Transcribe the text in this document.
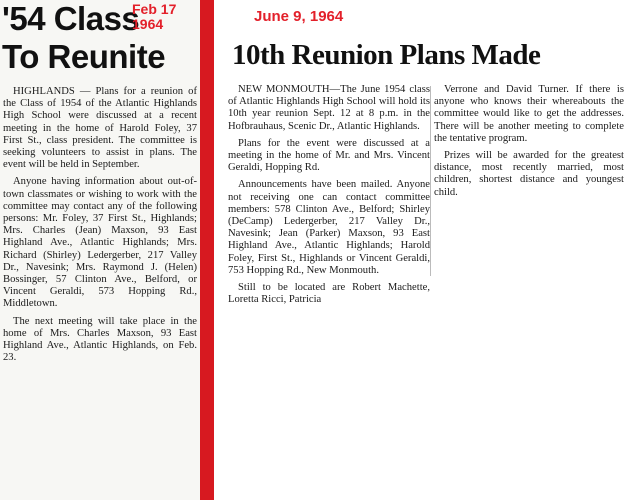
'54 Class
To Reunite
Feb 17 1964

HIGHLANDS — Plans for a reunion of the Class of 1954 of the Atlantic Highlands High School were discussed at a recent meeting in the home of Harold Foley, 37 First St., class president. The committee is seeking volunteers to assist in plans. The event will be held in September.

Anyone having information about out-of-town classmates or wishing to work with the committee may contact any of the following persons: Mr. Foley, 37 First St., Highlands; Mrs. Charles (Jean) Maxson, 93 East Highland Ave., Atlantic Highlands; Mrs. Richard (Shirley) Ledergerber, 217 Valley Dr., Navesink; Mrs. Raymond J. (Helen) Bossinger, 57 Clinton Ave., Belford, or Vincent Geraldi, 573 Hopping Rd., Middletown.

The next meeting will take place in the home of Mrs. Charles Maxson, 93 East Highland Ave., Atlantic Highlands, on Feb. 23.

June 9, 1964
10th Reunion Plans Made

NEW MONMOUTH—The June 1954 class of Atlantic Highlands High School will hold its 10th year reunion Sept. 12 at 8 p.m. in the Hofbrauhaus, Scenic Dr., Atlantic Highlands.

Plans for the event were discussed at a meeting in the home of Mr. and Mrs. Vincent Geraldi, Hopping Rd.

Announcements have been mailed. Anyone not receiving one can contact committee members: 578 Clinton Ave., Belford; Shirley (DeCamp) Ledergerber, 217 Valley Dr., Navesink; Jean (Parker) Maxson, 93 East Highland Ave., Atlantic Highlands; Harold Foley, First St., Highlands or Vincent Geraldi, 753 Hopping Rd., New Monmouth.

Still to be located are Robert Machette, Loretta Ricci, Patricia

Verrone and David Turner. If there is anyone who knows their whereabouts the committee would like to get the addresses. There will be another meeting to complete the tentative program.

Prizes will be awarded for the greatest distance, most recently married, most children, shortest distance and youngest child.
